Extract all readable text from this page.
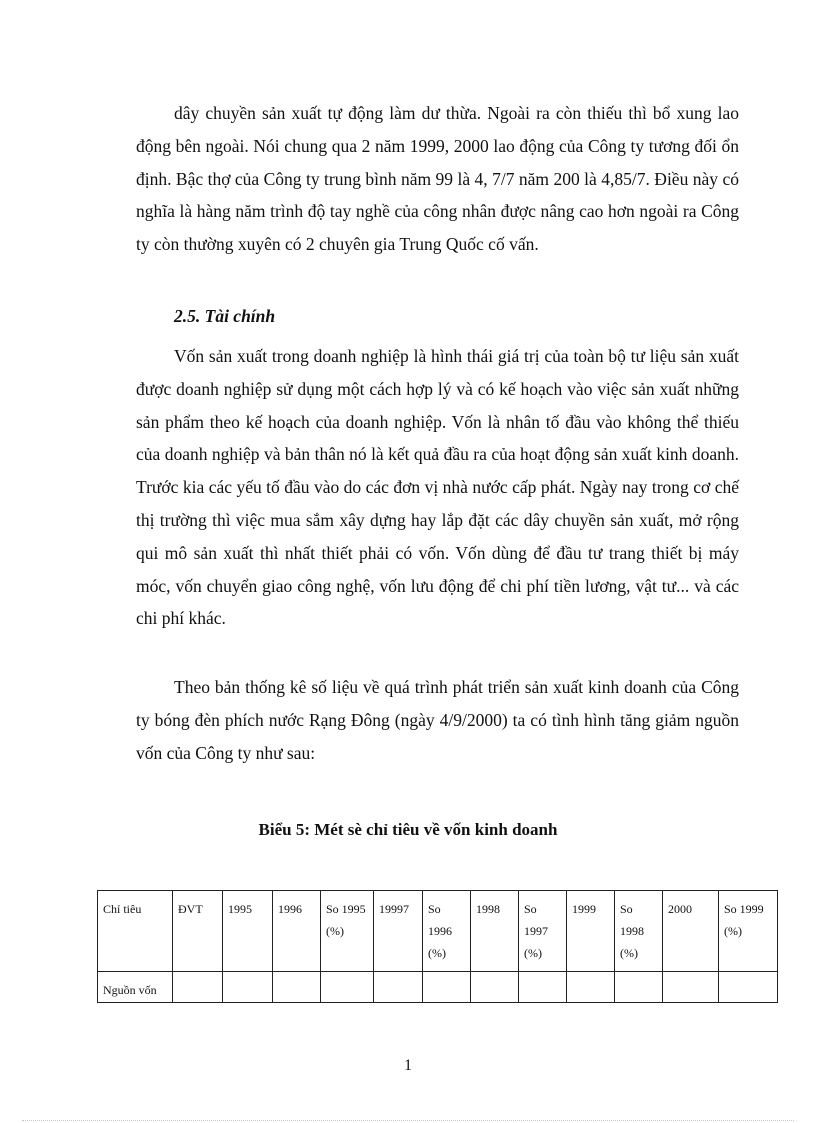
dây chuyền sản xuất tự động làm dư thừa. Ngoài ra còn thiếu thì bổ xung lao động bên ngoài. Nói chung qua 2 năm 1999, 2000 lao động của Công ty tương đối ổn định. Bậc thợ của Công ty trung bình năm 99 là 4, 7/7 năm 200 là 4,85/7. Điều này có nghĩa là hàng năm trình độ tay nghề của công nhân được nâng cao hơn ngoài ra Công ty còn thường xuyên có 2 chuyên gia Trung Quốc cố vấn.

2.5. Tài chính

Vốn sản xuất trong doanh nghiệp là hình thái giá trị của toàn bộ tư liệu sản xuất được doanh nghiệp sử dụng một cách hợp lý và có kế hoạch vào việc sản xuất những sản phẩm theo kế hoạch của doanh nghiệp. Vốn là nhân tố đầu vào không thể thiếu của doanh nghiệp và bản thân nó là kết quả đầu ra của hoạt động sản xuất kinh doanh. Trước kia các yếu tố đầu vào do các đơn vị nhà nước cấp phát. Ngày nay trong cơ chế thị trường thì việc mua sắm xây dựng hay lắp đặt các dây chuyền sản xuất, mở rộng qui mô sản xuất thì nhất thiết phải có vốn. Vốn dùng để đầu tư trang thiết bị máy móc, vốn chuyển giao công nghệ, vốn lưu động để chi phí tiền lương, vật tư... và các chi phí khác.

Theo bản thống kê số liệu về quá trình phát triển sản xuất kinh doanh của Công ty bóng đèn phích nước Rạng Đông (ngày 4/9/2000) ta có tình hình tăng giảm nguồn vốn của Công ty như sau:

Biểu 5: Mét sè chỉ tiêu về vốn kinh doanh
Chỉ tiêu	ĐVT	1995	1996	So 1995 (%)	19997	So 1996 (%)	1998	So 1997 (%)	1999	So 1998 (%)	2000	So 1999 (%)
Nguồn vốn												
1
